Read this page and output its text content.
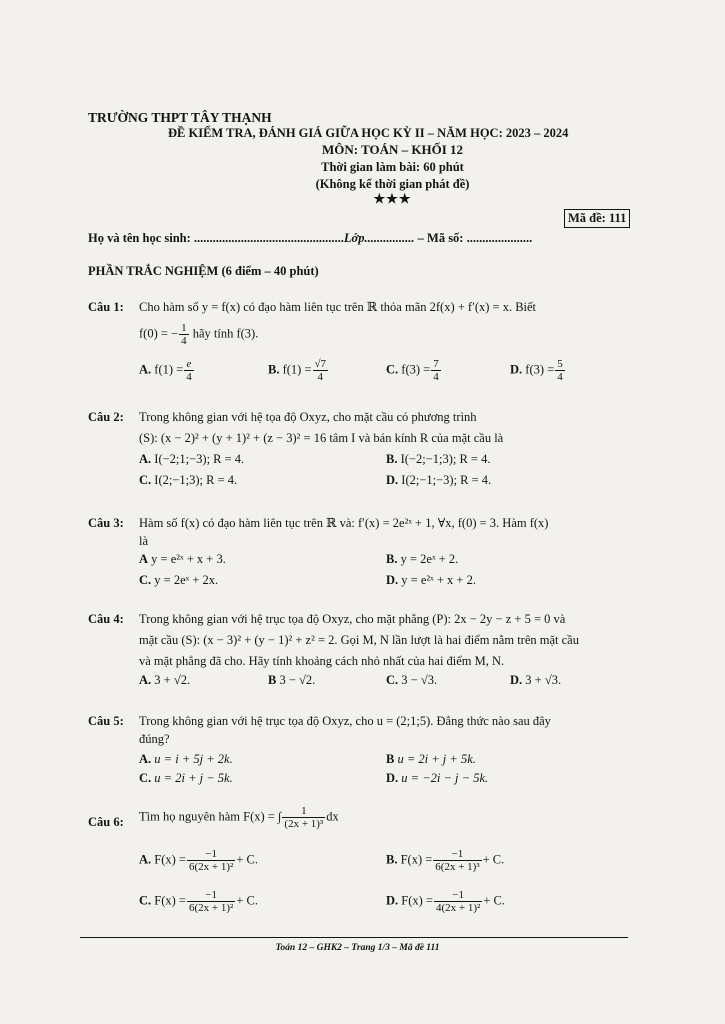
TRƯỜNG THPT TÂY THẠNH
ĐỀ KIỂM TRA, ĐÁNH GIÁ GIỮA HỌC KỲ II – NĂM HỌC: 2023 – 2024
MÔN: TOÁN – KHỐI 12
Thời gian làm bài: 60 phút
(Không kể thời gian phát đề)
★★★
Mã đề: 111
Họ và tên học sinh: ................................................Lớp................ – Mã số: .....................
PHẦN TRẮC NGHIỆM (6 điểm – 40 phút)
Câu 1: Cho hàm số y = f(x) có đạo hàm liên tục trên ℝ thỏa mãn 2f(x) + f′(x) = x. Biết
f(0) = − $\frac{1}{4}$ hãy tính f(3).
A. $f(1) = \frac{e}{4}$	B. $f(1) = \frac{√7}{4}$	C. $f(3) = \frac{7}{4}$	D. $f(3) = \frac{5}{4}$
Câu 2: Trong không gian với hệ tọa độ Oxyz, cho mặt cầu có phương trình
(S): (x − 2)² + (y + 1)² + (z − 3)² = 16 tâm I và bán kính R của mặt cầu là
A. I(−2;1;−3); R = 4.	B. I(−2;−1;3); R = 4.
C. I(2;−1;3); R = 4.	D. I(2;−1;−3); R = 4.
Câu 3: Hàm số f(x) có đạo hàm liên tục trên ℝ và: f′(x) = 2e²ˣ + 1, ∀x, f(0) = 3. Hàm f(x)
là
A y = e²ˣ + x + 3.	B. y = 2eˣ + 2.
C. y = 2eˣ + 2x.	D. y = e²ˣ + x + 2.
Câu 4: Trong không gian với hệ trục tọa độ Oxyz, cho mặt phẳng (P): 2x − 2y − z + 5 = 0 và
mặt cầu (S): (x − 3)² + (y − 1)² + z² = 2. Gọi M, N lần lượt là hai điểm nằm trên mặt cầu
và mặt phẳng đã cho. Hãy tính khoảng cách nhỏ nhất của hai điểm M, N.
A. 3 + √2.	B 3 − √2.	C. 3 − √3.	D. 3 + √3.
Câu 5: Trong không gian với hệ trục tọa độ Oxyz, cho u = (2;1;5). Đẳng thức nào sau đây
đúng?
A. u = i + 5j + 2k.	B u = 2i + j + 5k.
C. u = 2i + j − 5k.	D. u = −2i − j − 5k.
Câu 6: Tìm họ nguyên hàm F(x) = ∫ $\frac{1}{\text{(2x + 1)³}}$ dx
A. $F(x) = \frac{-1}{\text{6(2x + 1)²}} + C$.	B. $F(x) = \frac{-1}{\text{6(2x + 1)³}} + C$.
C. $F(x) = \frac{-1}{\text{6(2x + 1)²}} + C$.	D. $F(x) = \frac{-1}{\text{4(2x + 1)²}} + C$.
Toán 12 – GHK2 – Trang 1/3 – Mã đề 111
